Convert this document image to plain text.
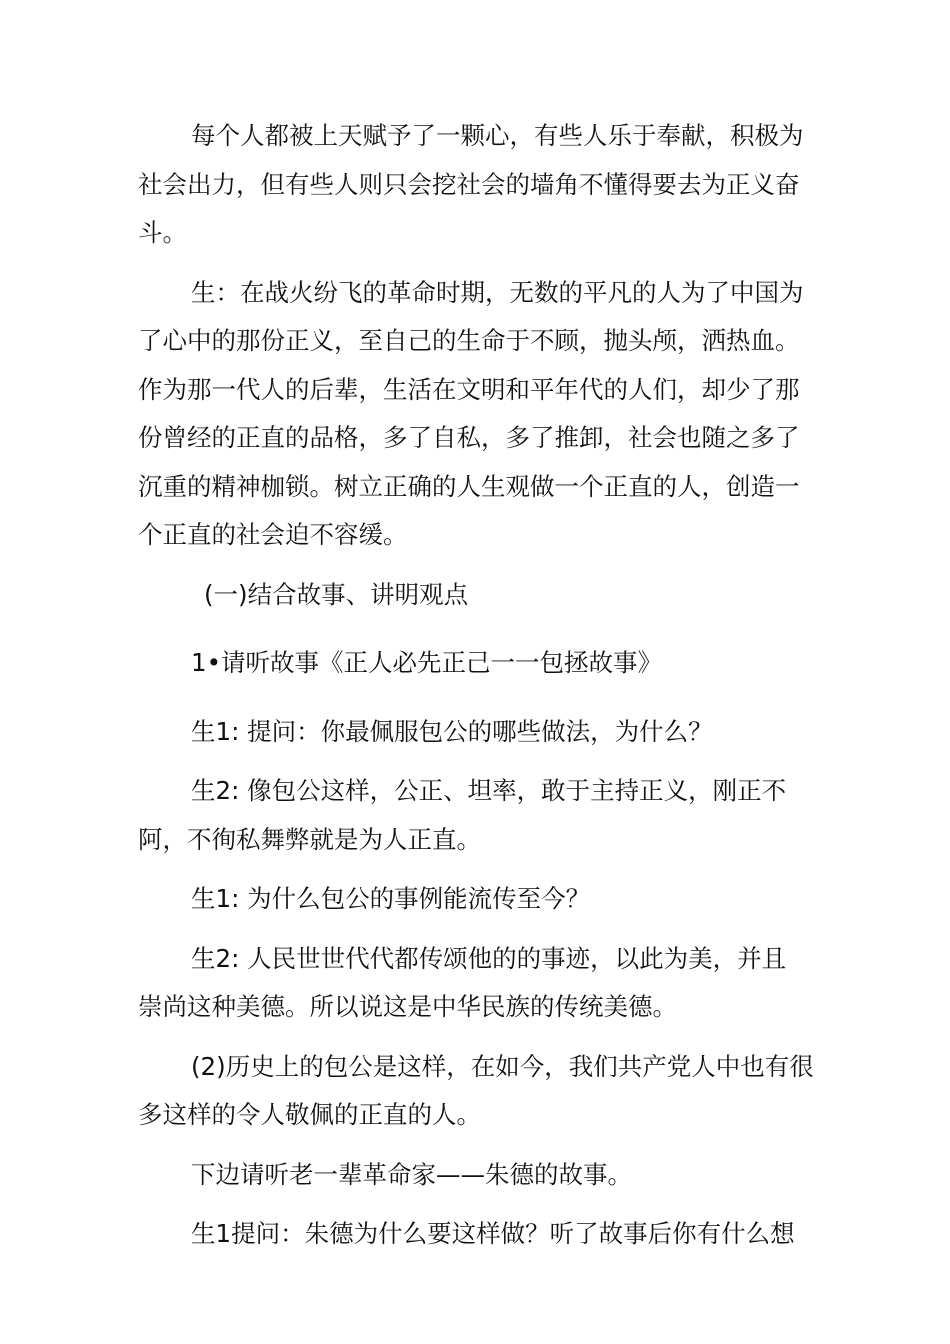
每个人都被上天赋予了一颗心，有些人乐于奉献，积极为
社会出力，但有些人则只会挖社会的墙角不懂得要去为正义奋
斗。
生：在战火纷飞的革命时期，无数的平凡的人为了中国为
了心中的那份正义，至自己的生命于不顾，抛头颅，洒热血。
作为那一代人的后辈，生活在文明和平年代的人们，却少了那
份曾经的正直的品格，多了自私，多了推卸，社会也随之多了
沉重的精神枷锁。树立正确的人生观做一个正直的人，创造一
个正直的社会迫不容缓。
(一)结合故事、讲明观点
1•请听故事《正人必先正己一一包拯故事》
生1: 提问：你最佩服包公的哪些做法，为什么？
生2: 像包公这样，公正、坦率，敢于主持正义，刚正不
阿，不徇私舞弊就是为人正直。
生1: 为什么包公的事例能流传至今？
生2: 人民世世代代都传颂他的的事迹，以此为美，并且
崇尚这种美德。所以说这是中华民族的传统美德。
(2)历史上的包公是这样，在如今，我们共产党人中也有很
多这样的令人敬佩的正直的人。
下边请听老一辈革命家——朱德的故事。
生1提问：朱德为什么要这样做？听了故事后你有什么想
